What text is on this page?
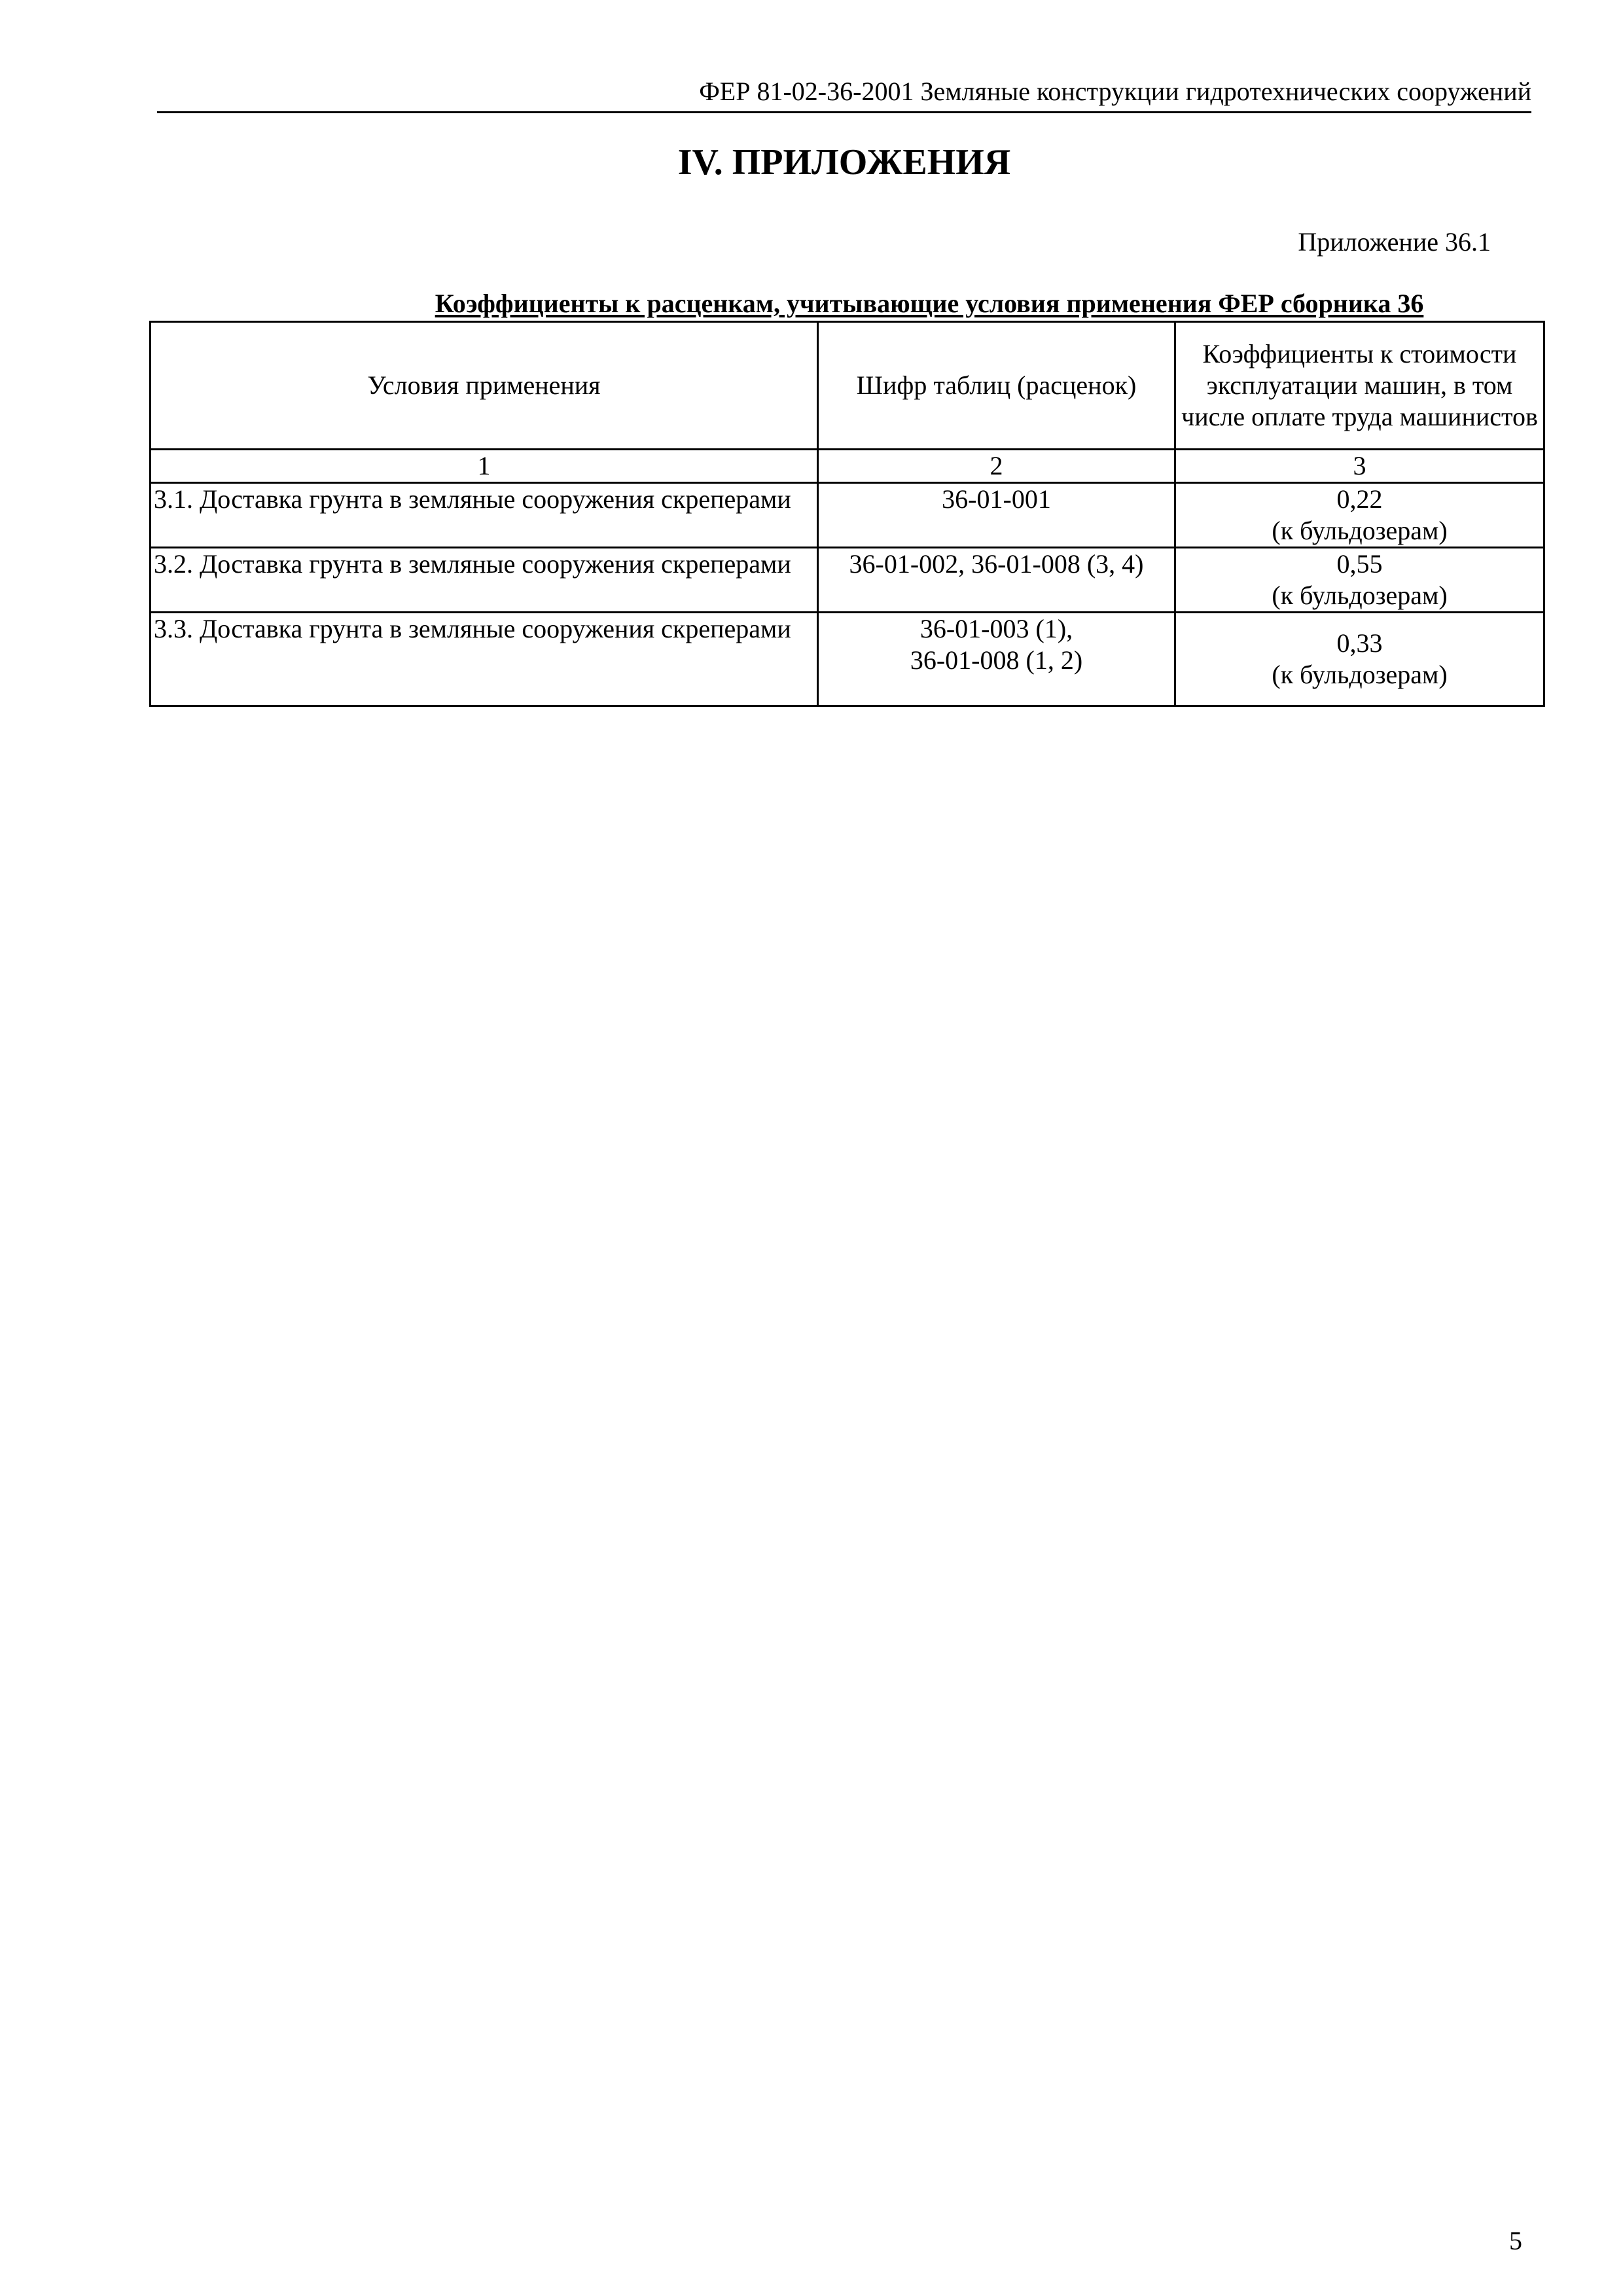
ФЕР 81-02-36-2001 Земляные конструкции гидротехнических сооружений
IV. ПРИЛОЖЕНИЯ
Приложение 36.1
Коэффициенты к расценкам, учитывающие условия применения ФЕР сборника 36
Условия применения	Шифр таблиц (расценок)	Коэффициенты к стоимости эксплуатации машин, в том числе оплате труда машинистов
1	2	3
3.1. Доставка грунта в земляные сооружения скреперами	36-01-001	0,22
(к бульдозерам)

3.2. Доставка грунта в земляные сооружения скреперами	36-01-002, 36-01-008 (3, 4)	0,55
(к бульдозерам)

3.3. Доставка грунта в земляные сооружения скреперами	36-01-003 (1),
36-01-008 (1, 2)	0,33
(к бульдозерам)
5
